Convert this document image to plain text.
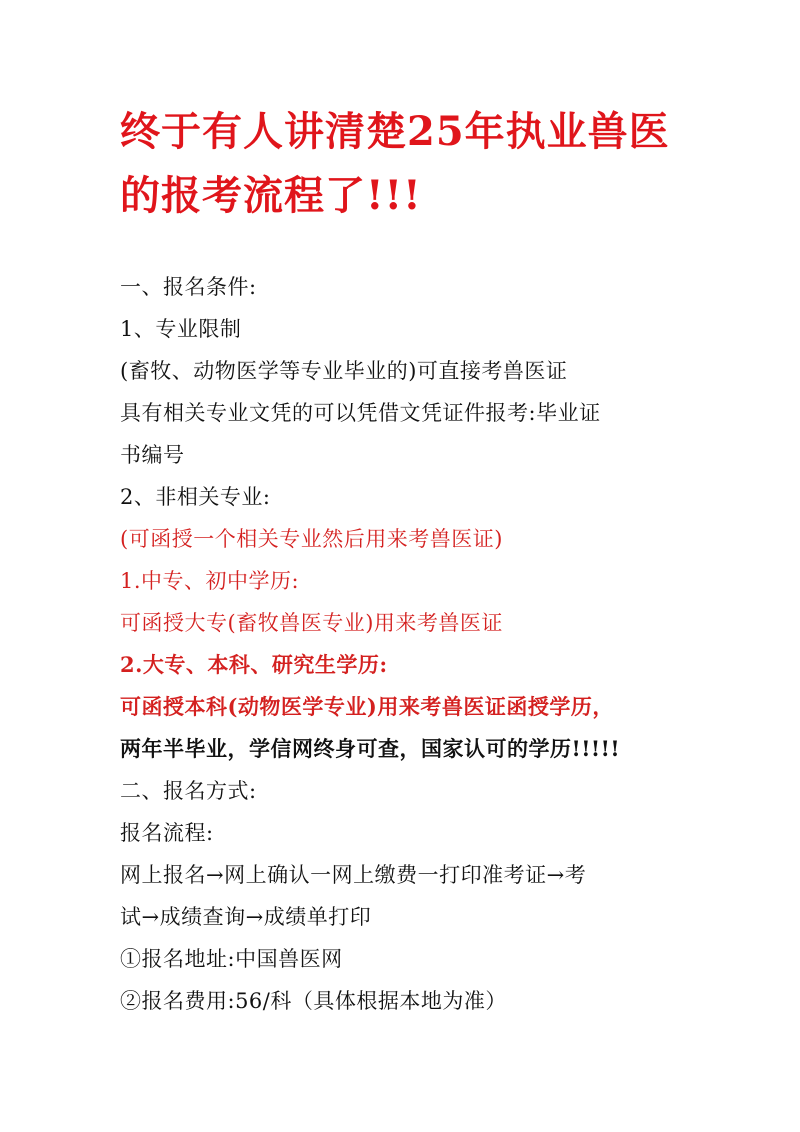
终于有人讲清楚25年执业兽医
的报考流程了!!!
一、报名条件:
1、专业限制
(畜牧、动物医学等专业毕业的)可直接考兽医证
具有相关专业文凭的可以凭借文凭证件报考:毕业证
书编号
2、非相关专业:
(可函授一个相关专业然后用来考兽医证)
1.中专、初中学历:
可函授大专(畜牧兽医专业)用来考兽医证
2.大专、本科、研究生学历:
可函授本科(动物医学专业)用来考兽医证函授学历，
两年半毕业，学信网终身可查，国家认可的学历!!!!!
二、报名方式:
报名流程:
网上报名→网上确认一网上缴费一打印准考证→考
试→成绩查询→成绩单打印
①报名地址:中国兽医网
②报名费用:56/科（具体根据本地为准）
